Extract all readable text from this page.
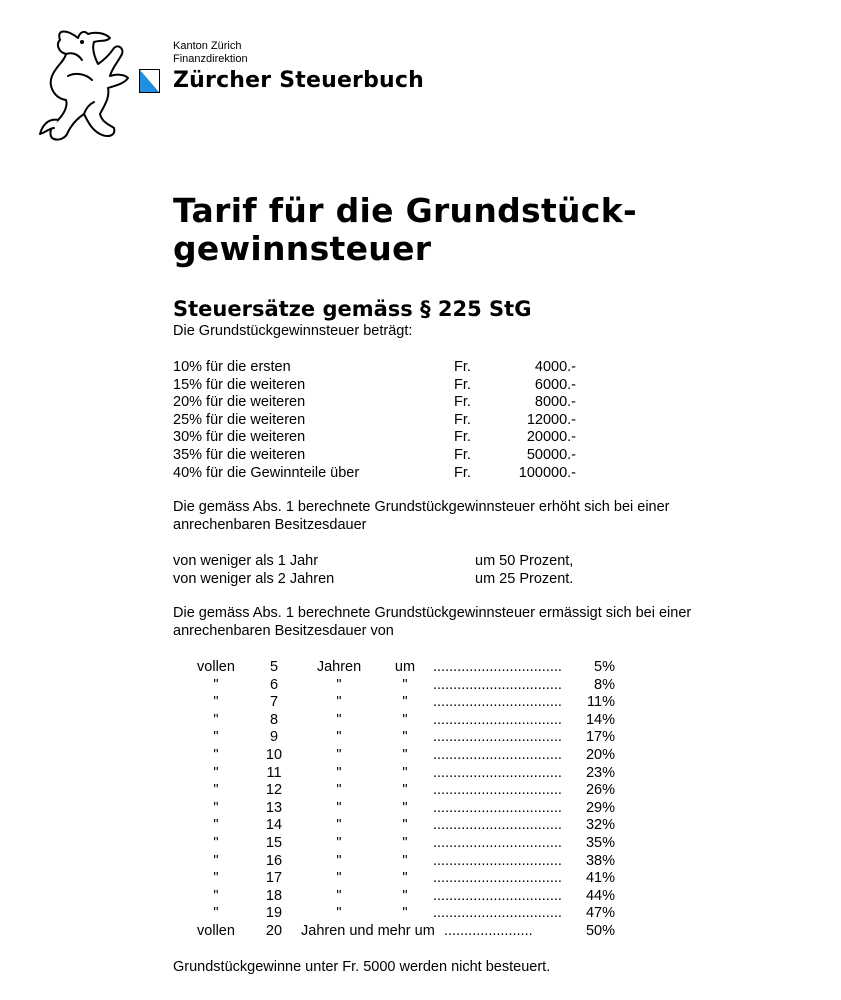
Kanton Zürich
Finanzdirektion
Zürcher Steuerbuch
Tarif für die Grundstück-
gewinnsteuer
Steuersätze gemäss § 225 StG
Die Grundstückgewinnsteuer beträgt:
10% für die ersten	Fr.	4000.-
15% für die weiteren	Fr.	6000.-
20% für die weiteren	Fr.	8000.-
25% für die weiteren	Fr.	12000.-
30% für die weiteren	Fr.	20000.-
35% für die weiteren	Fr.	50000.-
40% für die Gewinnteile über	Fr.	100000.-
Die gemäss Abs. 1 berechnete Grundstückgewinnsteuer erhöht sich bei einer
anrechenbaren Besitzesdauer
von weniger als 1 Jahr	um 50 Prozent,
von weniger als 2 Jahren	um 25 Prozent.
Die gemäss Abs. 1 berechnete Grundstückgewinnsteuer ermässigt sich bei einer
anrechenbaren Besitzesdauer von
vollen	5	Jahren um ................................ 5%
"	6	"	"	................................ 8%
"	7	"	"	................................ 11%
"	8	"	"	................................ 14%
"	9	"	"	................................ 17%
"	10	"	"	................................ 20%
"	11	"	"	................................ 23%
"	12	"	"	................................ 26%
"	13	"	"	................................ 29%
"	14	"	"	................................ 32%
"	15	"	"	................................ 35%
"	16	"	"	................................ 38%
"	17	"	"	................................ 41%
"	18	"	"	................................ 44%
"	19	"	"	................................ 47%
vollen	20	Jahren und mehr um ......................	50%
Grundstückgewinne unter Fr. 5000 werden nicht besteuert.
